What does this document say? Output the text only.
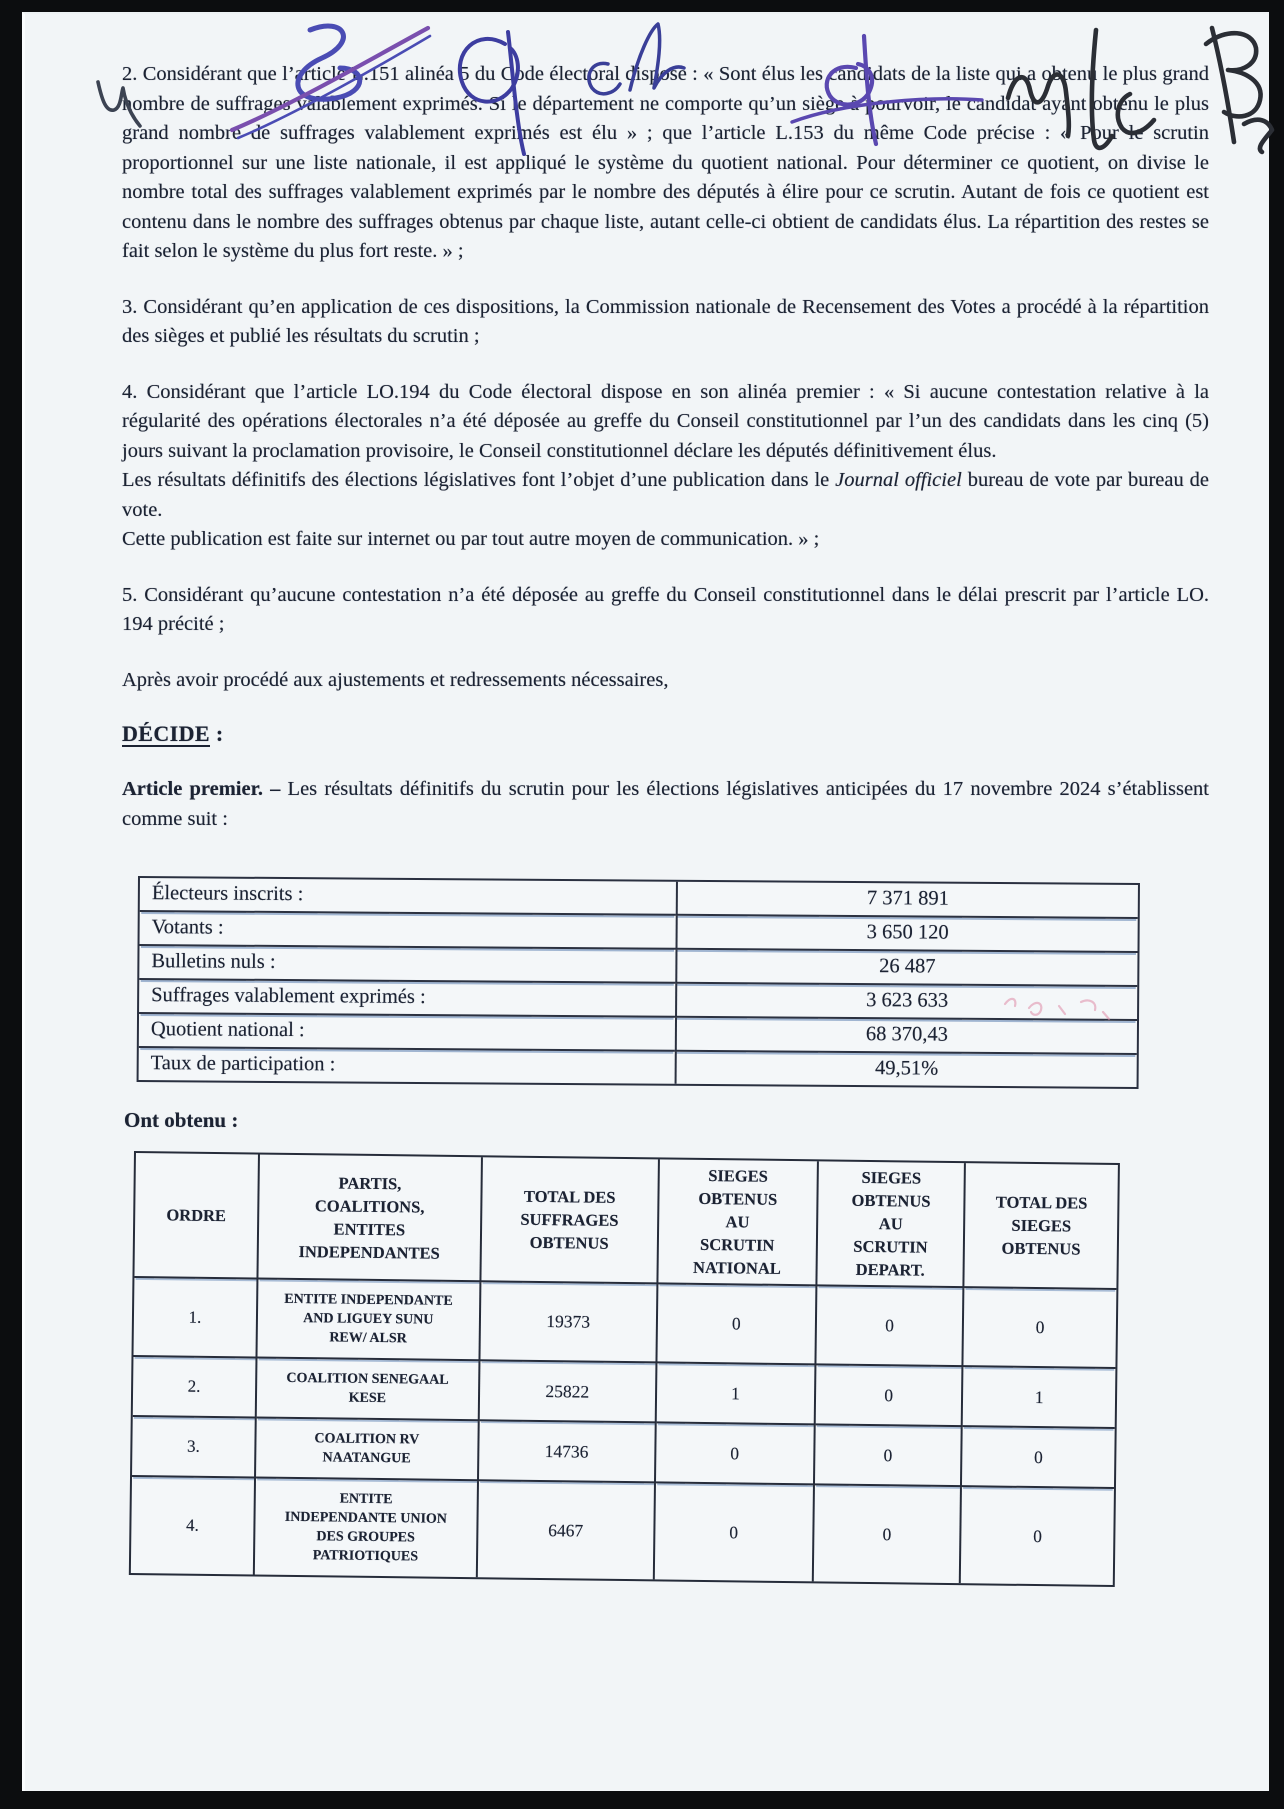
2. Considérant que l’article L.151 alinéa 5 du Code électoral dispose : « Sont élus les candidats de la liste qui a obtenu le plus grand nombre de suffrages valablement exprimés. Si le département ne comporte qu’un siège à pourvoir, le candidat ayant obtenu le plus grand nombre de suffrages valablement exprimés est élu » ; que l’article L.153 du même Code précise : « Pour le scrutin proportionnel sur une liste nationale, il est appliqué le système du quotient national. Pour déterminer ce quotient, on divise le nombre total des suffrages valablement exprimés par le nombre des députés à élire pour ce scrutin. Autant de fois ce quotient est contenu dans le nombre des suffrages obtenus par chaque liste, autant celle-ci obtient de candidats élus. La répartition des restes se fait selon le système du plus fort reste. » ;

3. Considérant qu’en application de ces dispositions, la Commission nationale de Recensement des Votes a procédé à la répartition des sièges et publié les résultats du scrutin ;

4. Considérant que l’article LO.194 du Code électoral dispose en son alinéa premier : « Si aucune contestation relative à la régularité des opérations électorales n’a été déposée au greffe du Conseil constitutionnel par l’un des candidats dans les cinq (5) jours suivant la proclamation provisoire, le Conseil constitutionnel déclare les députés définitivement élus.
Les résultats définitifs des élections législatives font l’objet d’une publication dans le Journal officiel bureau de vote par bureau de vote.
Cette publication est faite sur internet ou par tout autre moyen de communication. » ;

5. Considérant qu’aucune contestation n’a été déposée au greffe du Conseil constitutionnel dans le délai prescrit par l’article LO. 194 précité ;

Après avoir procédé aux ajustements et redressements nécessaires,

DÉCIDE :

Article premier. – Les résultats définitifs du scrutin pour les élections législatives anticipées du 17 novembre 2024 s’établissent comme suit :

Électeurs inscrits :	7 371 891
Votants :	3 650 120
Bulletins nuls :	26 487
Suffrages valablement exprimés :	3 623 633
Quotient national :	68 370,43
Taux de participation :	49,51%

Ont obtenu :

ORDRE	PARTIS,
COALITIONS,
ENTITES
INDEPENDANTES	TOTAL DES
SUFFRAGES
OBTENUS	SIEGES
OBTENUS
AU
SCRUTIN
NATIONAL	SIEGES
OBTENUS
AU
SCRUTIN
DEPART.	TOTAL DES
SIEGES
OBTENUS
1.	ENTITE INDEPENDANTE
AND LIGUEY SUNU
REW/ ALSR	19373	0	0	0
2.	COALITION SENEGAAL
KESE	25822	1	0	1
3.	COALITION RV
NAATANGUE	14736	0	0	0
4.	ENTITE
INDEPENDANTE UNION
DES GROUPES
PATRIOTIQUES	6467	0	0	0
